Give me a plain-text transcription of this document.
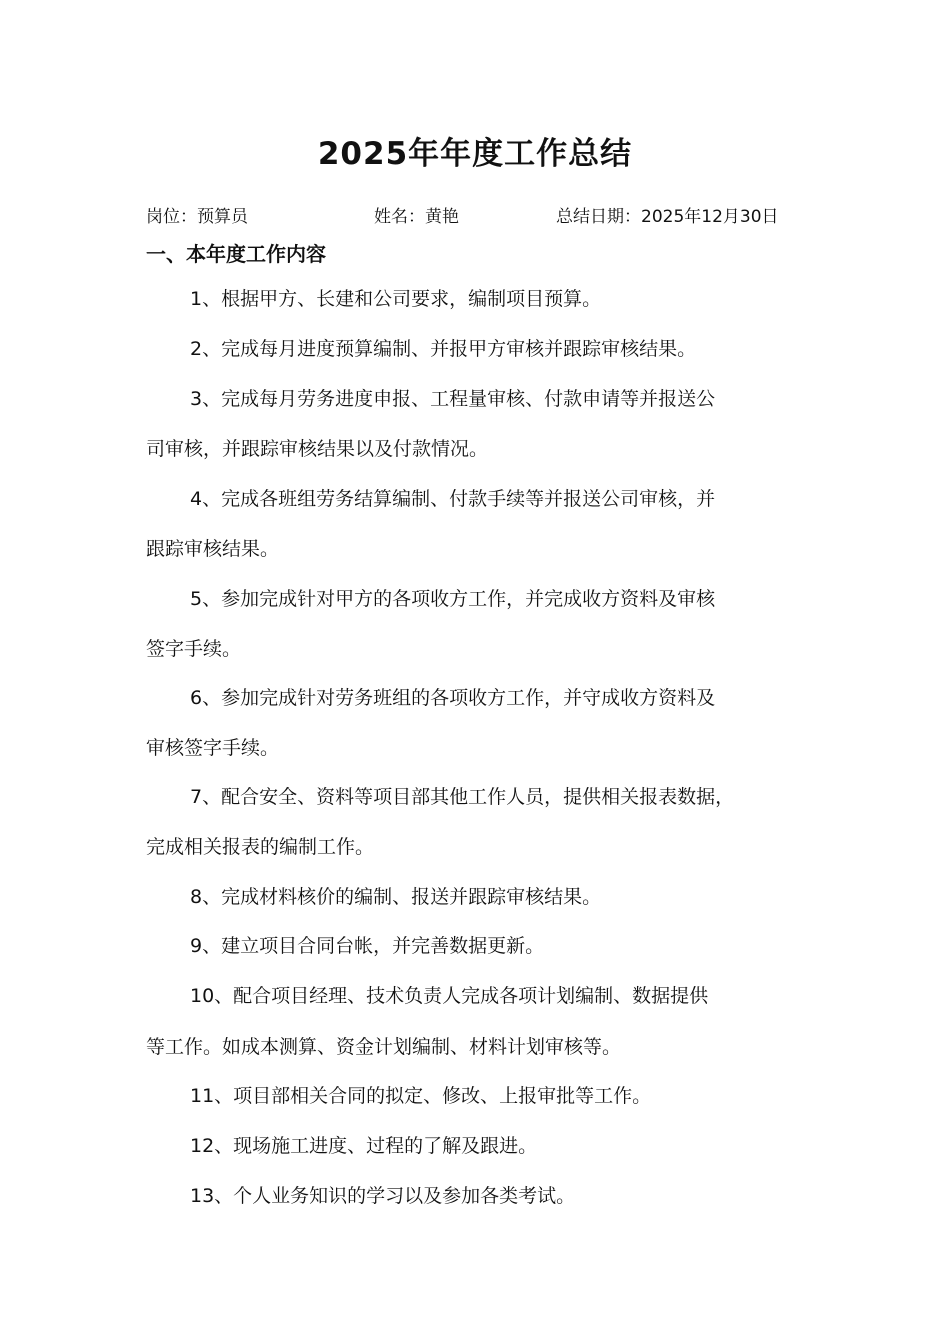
2025年年度工作总结
岗位：预算员	姓名：黄艳	总结日期：2025年12月30日
一、本年度工作内容
1、根据甲方、长建和公司要求，编制项目预算。
2、完成每月进度预算编制、并报甲方审核并跟踪审核结果。
3、完成每月劳务进度申报、工程量审核、付款申请等并报送公
司审核，并跟踪审核结果以及付款情况。
4、完成各班组劳务结算编制、付款手续等并报送公司审核，并
跟踪审核结果。
5、参加完成针对甲方的各项收方工作，并完成收方资料及审核
签字手续。
6、参加完成针对劳务班组的各项收方工作，并守成收方资料及
审核签字手续。
7、配合安全、资料等项目部其他工作人员，提供相关报表数据，
完成相关报表的编制工作。
8、完成材料核价的编制、报送并跟踪审核结果。
9、建立项目合同台帐，并完善数据更新。
10、配合项目经理、技术负责人完成各项计划编制、数据提供
等工作。如成本测算、资金计划编制、材料计划审核等。
11、项目部相关合同的拟定、修改、上报审批等工作。
12、现场施工进度、过程的了解及跟进。
13、个人业务知识的学习以及参加各类考试。
